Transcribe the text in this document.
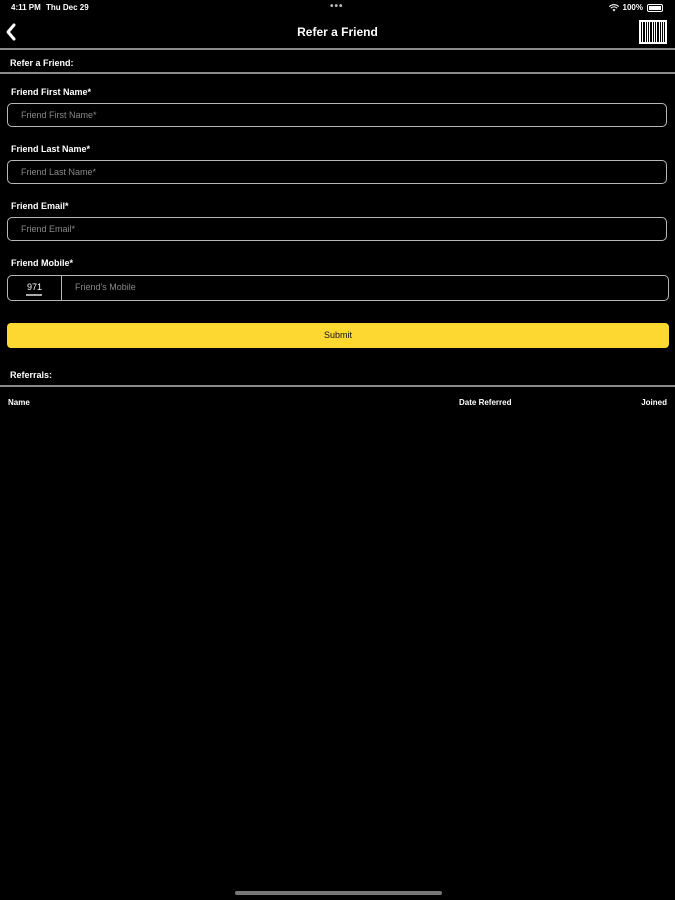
4:11 PM Thu Dec 29	•••	100%
Refer a Friend
Refer a Friend:
Friend First Name*
Friend First Name*
Friend Last Name*
Friend Last Name*
Friend Email*
Friend Email*
Friend Mobile*
971	Friend's Mobile
Submit
Referrals:
Name	Date Referred	Joined
